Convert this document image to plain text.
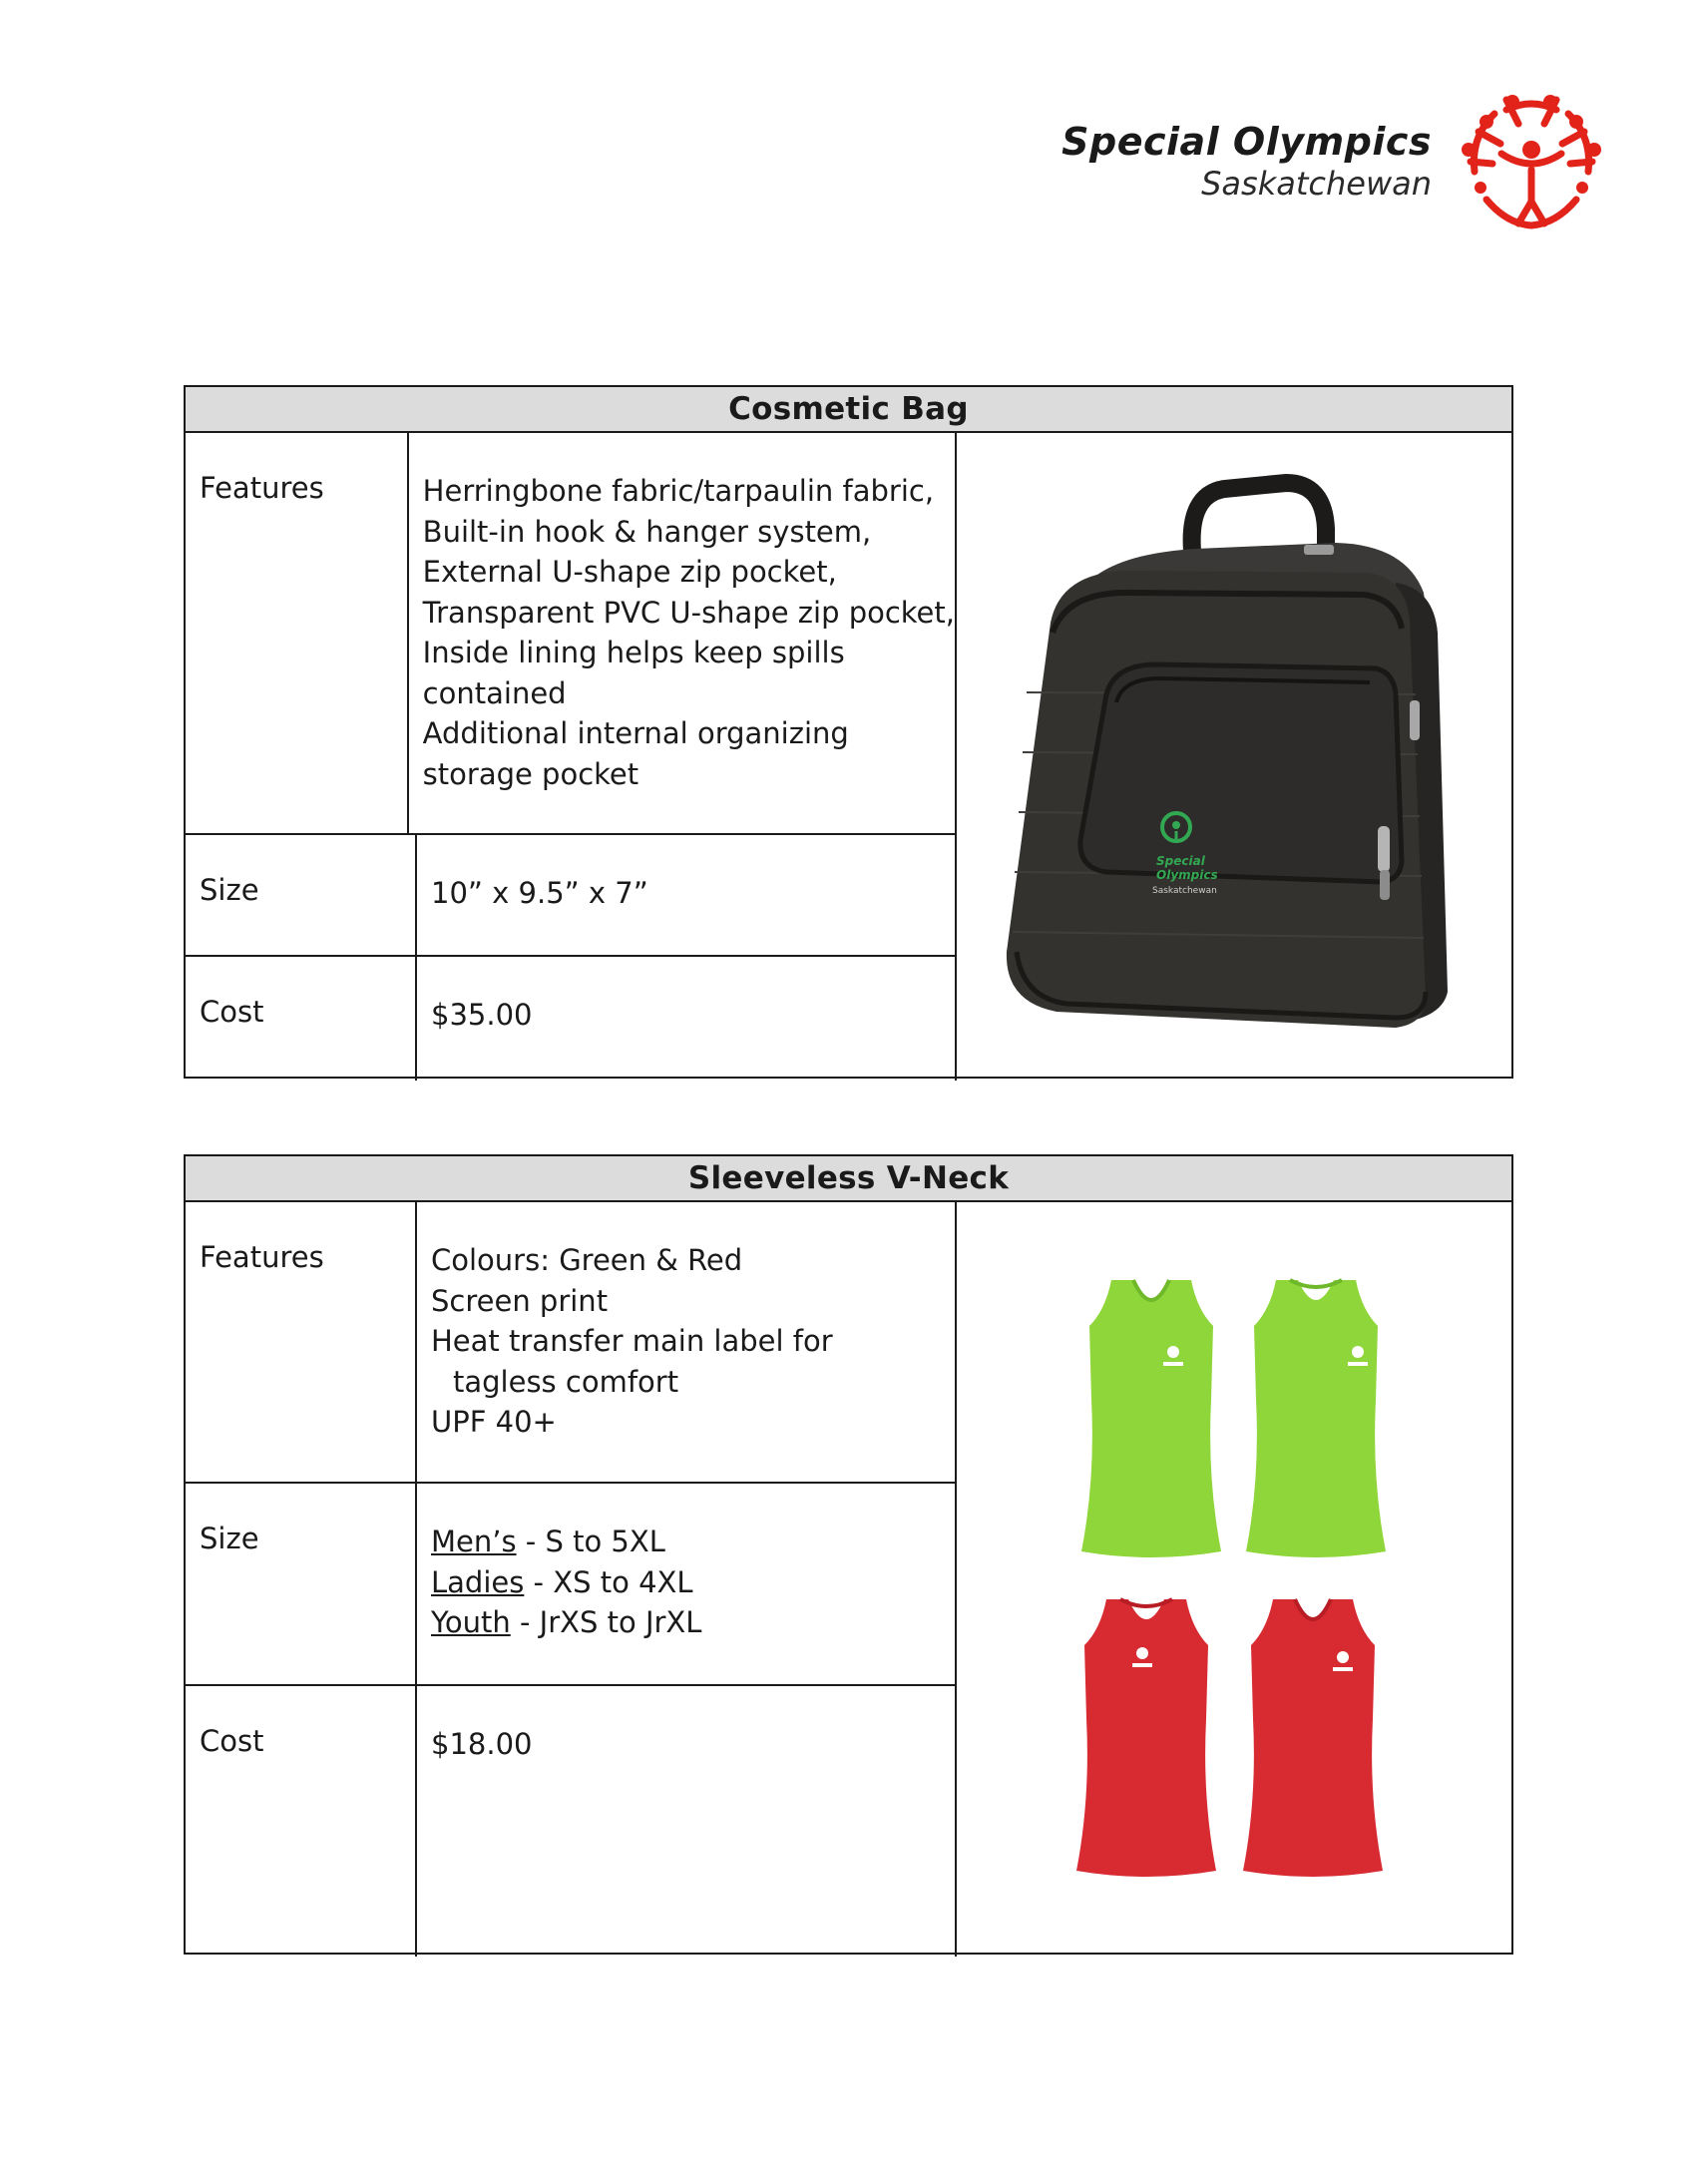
Special Olympics
Saskatchewan
Cosmetic Bag
Features	Herringbone fabric/tarpaulin fabric,
Built-in hook & hanger system,
External U-shape zip pocket,
Transparent PVC U-shape zip pocket,
Inside lining helps keep spills
contained
Additional internal organizing
storage pocket
Size	10” x 9.5” x 7”
Cost	$35.00
Special
Olympics
Saskatchewan
Sleeveless V-Neck
Features	Colours: Green & Red
Screen print
Heat transfer main label for
tagless comfort
UPF 40+
Size	Men’s - S to 5XL
Ladies - XS to 4XL
Youth - JrXS to JrXL
Cost	$18.00
